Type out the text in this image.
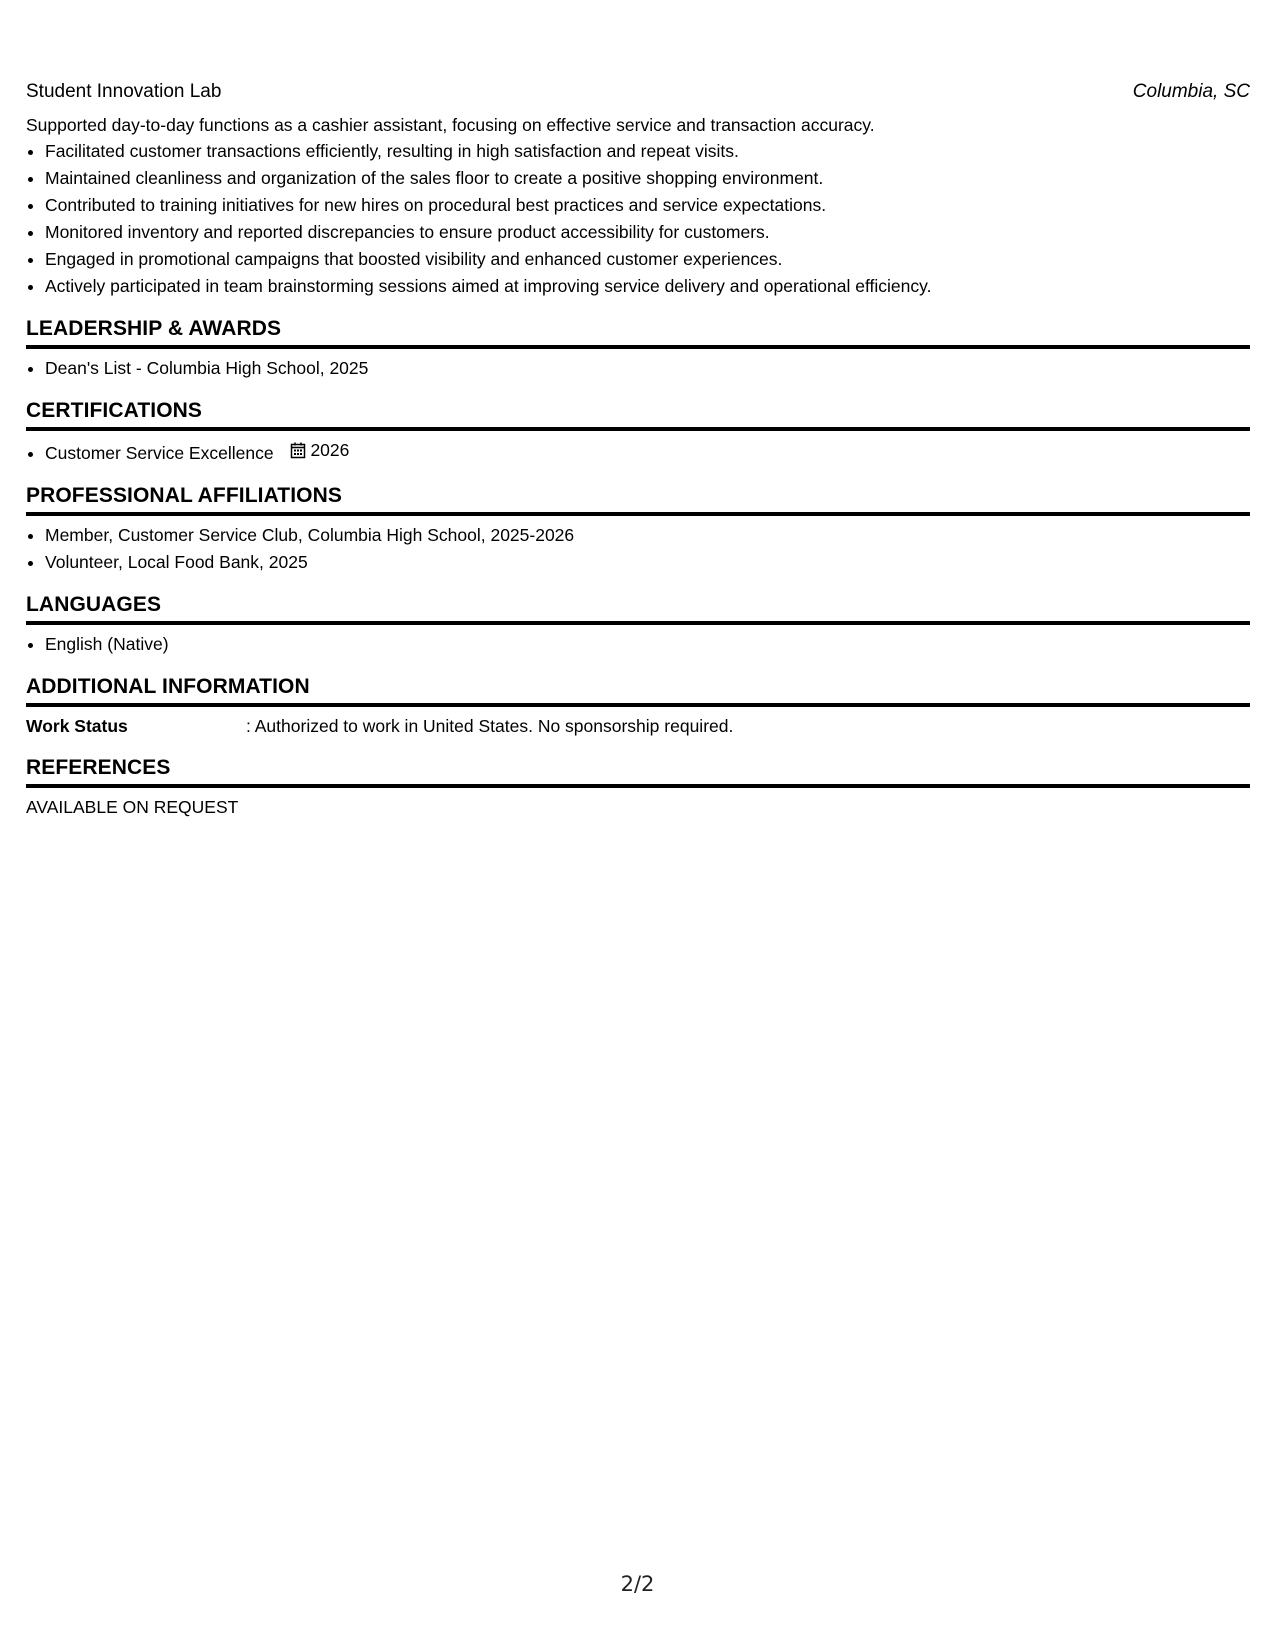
Student Innovation Lab	Columbia, SC
Supported day-to-day functions as a cashier assistant, focusing on effective service and transaction accuracy.
• Facilitated customer transactions efficiently, resulting in high satisfaction and repeat visits.
• Maintained cleanliness and organization of the sales floor to create a positive shopping environment.
• Contributed to training initiatives for new hires on procedural best practices and service expectations.
• Monitored inventory and reported discrepancies to ensure product accessibility for customers.
• Engaged in promotional campaigns that boosted visibility and enhanced customer experiences.
• Actively participated in team brainstorming sessions aimed at improving service delivery and operational efficiency.
LEADERSHIP & AWARDS
• Dean's List - Columbia High School, 2025
CERTIFICATIONS
• Customer Service Excellence 2026
PROFESSIONAL AFFILIATIONS
• Member, Customer Service Club, Columbia High School, 2025-2026
• Volunteer, Local Food Bank, 2025
LANGUAGES
• English (Native)
ADDITIONAL INFORMATION
Work Status	: Authorized to work in United States. No sponsorship required.
REFERENCES
AVAILABLE ON REQUEST
2/2
